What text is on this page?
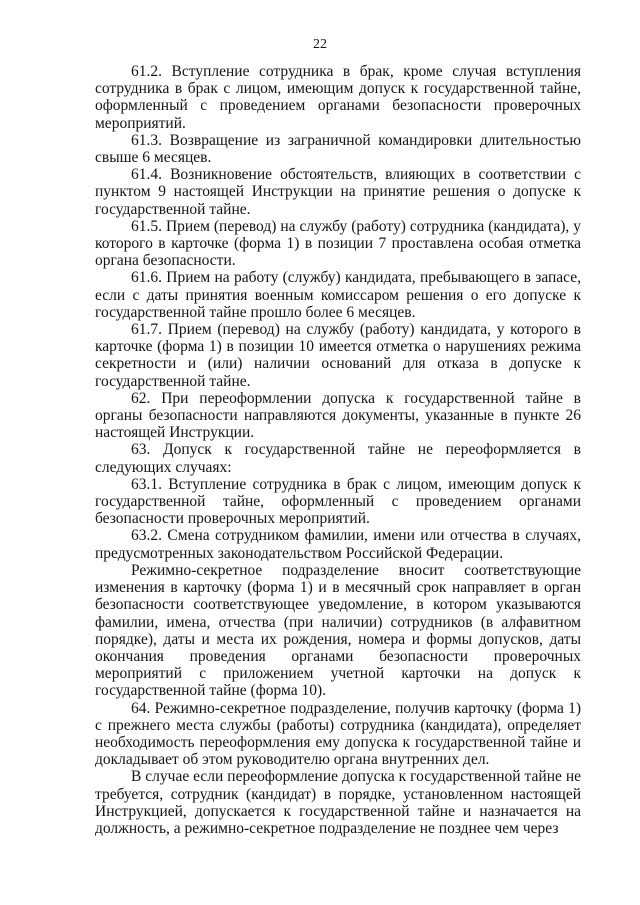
22

61.2. Вступление сотрудника в брак, кроме случая вступления сотрудника в брак с лицом, имеющим допуск к государственной тайне, оформленный с проведением органами безопасности проверочных мероприятий.

61.3. Возвращение из заграничной командировки длительностью свыше 6 месяцев.

61.4. Возникновение обстоятельств, влияющих в соответствии с пунктом 9 настоящей Инструкции на принятие решения о допуске к государственной тайне.

61.5. Прием (перевод) на службу (работу) сотрудника (кандидата), у которого в карточке (форма 1) в позиции 7 проставлена особая отметка органа безопасности.

61.6. Прием на работу (службу) кандидата, пребывающего в запасе, если с даты принятия военным комиссаром решения о его допуске к государственной тайне прошло более 6 месяцев.

61.7. Прием (перевод) на службу (работу) кандидата, у которого в карточке (форма 1) в позиции 10 имеется отметка о нарушениях режима секретности и (или) наличии оснований для отказа в допуске к государственной тайне.

62. При переоформлении допуска к государственной тайне в органы безопасности направляются документы, указанные в пункте 26 настоящей Инструкции.

63. Допуск к государственной тайне не переоформляется в следующих случаях:

63.1. Вступление сотрудника в брак с лицом, имеющим допуск к государственной тайне, оформленный с проведением органами безопасности проверочных мероприятий.

63.2. Смена сотрудником фамилии, имени или отчества в случаях, предусмотренных законодательством Российской Федерации.

Режимно-секретное подразделение вносит соответствующие изменения в карточку (форма 1) и в месячный срок направляет в орган безопасности соответствующее уведомление, в котором указываются фамилии, имена, отчества (при наличии) сотрудников (в алфавитном порядке), даты и места их рождения, номера и формы допусков, даты окончания проведения органами безопасности проверочных мероприятий с приложением учетной карточки на допуск к государственной тайне (форма 10).

64. Режимно-секретное подразделение, получив карточку (форма 1) с прежнего места службы (работы) сотрудника (кандидата), определяет необходимость переоформления ему допуска к государственной тайне и докладывает об этом руководителю органа внутренних дел.

В случае если переоформление допуска к государственной тайне не требуется, сотрудник (кандидат) в порядке, установленном настоящей Инструкцией, допускается к государственной тайне и назначается на должность, а режимно-секретное подразделение не позднее чем через
